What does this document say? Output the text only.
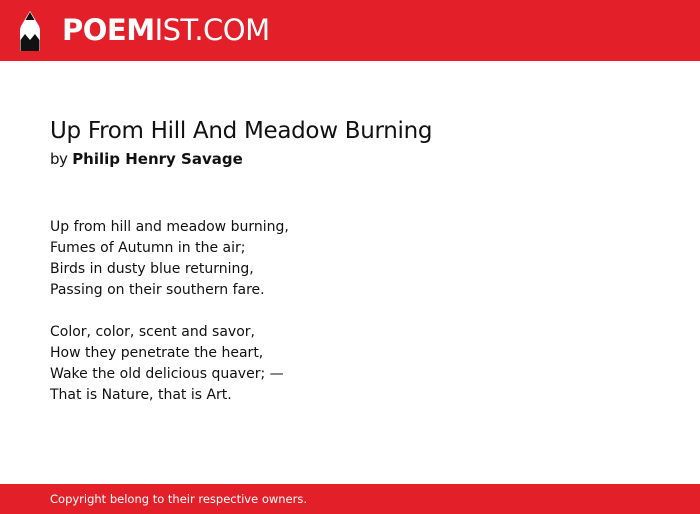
POEMIST.COM
Up From Hill And Meadow Burning
by Philip Henry Savage
Up from hill and meadow burning,
Fumes of Autumn in the air;
Birds in dusty blue returning,
Passing on their southern fare.
Color, color, scent and savor,
How they penetrate the heart,
Wake the old delicious quaver; —
That is Nature, that is Art.
Copyright belong to their respective owners.
